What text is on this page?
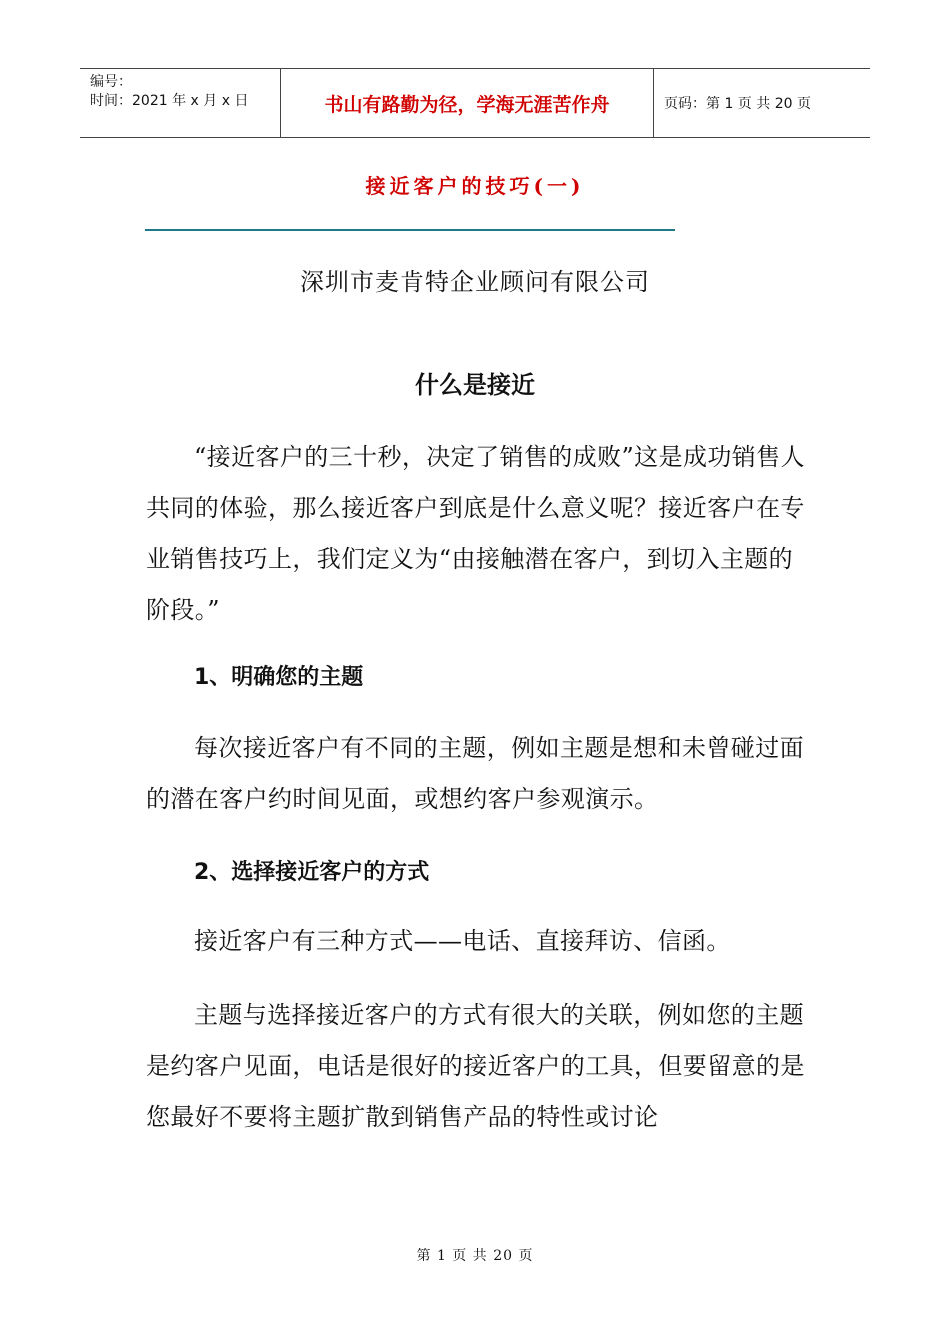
编号：
时间：2021 年 x 月 x 日	书山有路勤为径，学海无涯苦作舟	页码：第 1 页 共 20 页
接近客户的技巧(一)
深圳市麦肯特企业顾问有限公司
什么是接近
“接近客户的三十秒，决定了销售的成败”这是成功销售人共同的体验，那么接近客户到底是什么意义呢？接近客户在专业销售技巧上，我们定义为“由接触潜在客户，到切入主题的阶段。”
1、明确您的主题
每次接近客户有不同的主题，例如主题是想和未曾碰过面的潜在客户约时间见面，或想约客户参观演示。
2、选择接近客户的方式
接近客户有三种方式——电话、直接拜访、信函。
主题与选择接近客户的方式有很大的关联，例如您的主题是约客户见面，电话是很好的接近客户的工具，但要留意的是您最好不要将主题扩散到销售产品的特性或讨论
第 1 页 共 20 页
